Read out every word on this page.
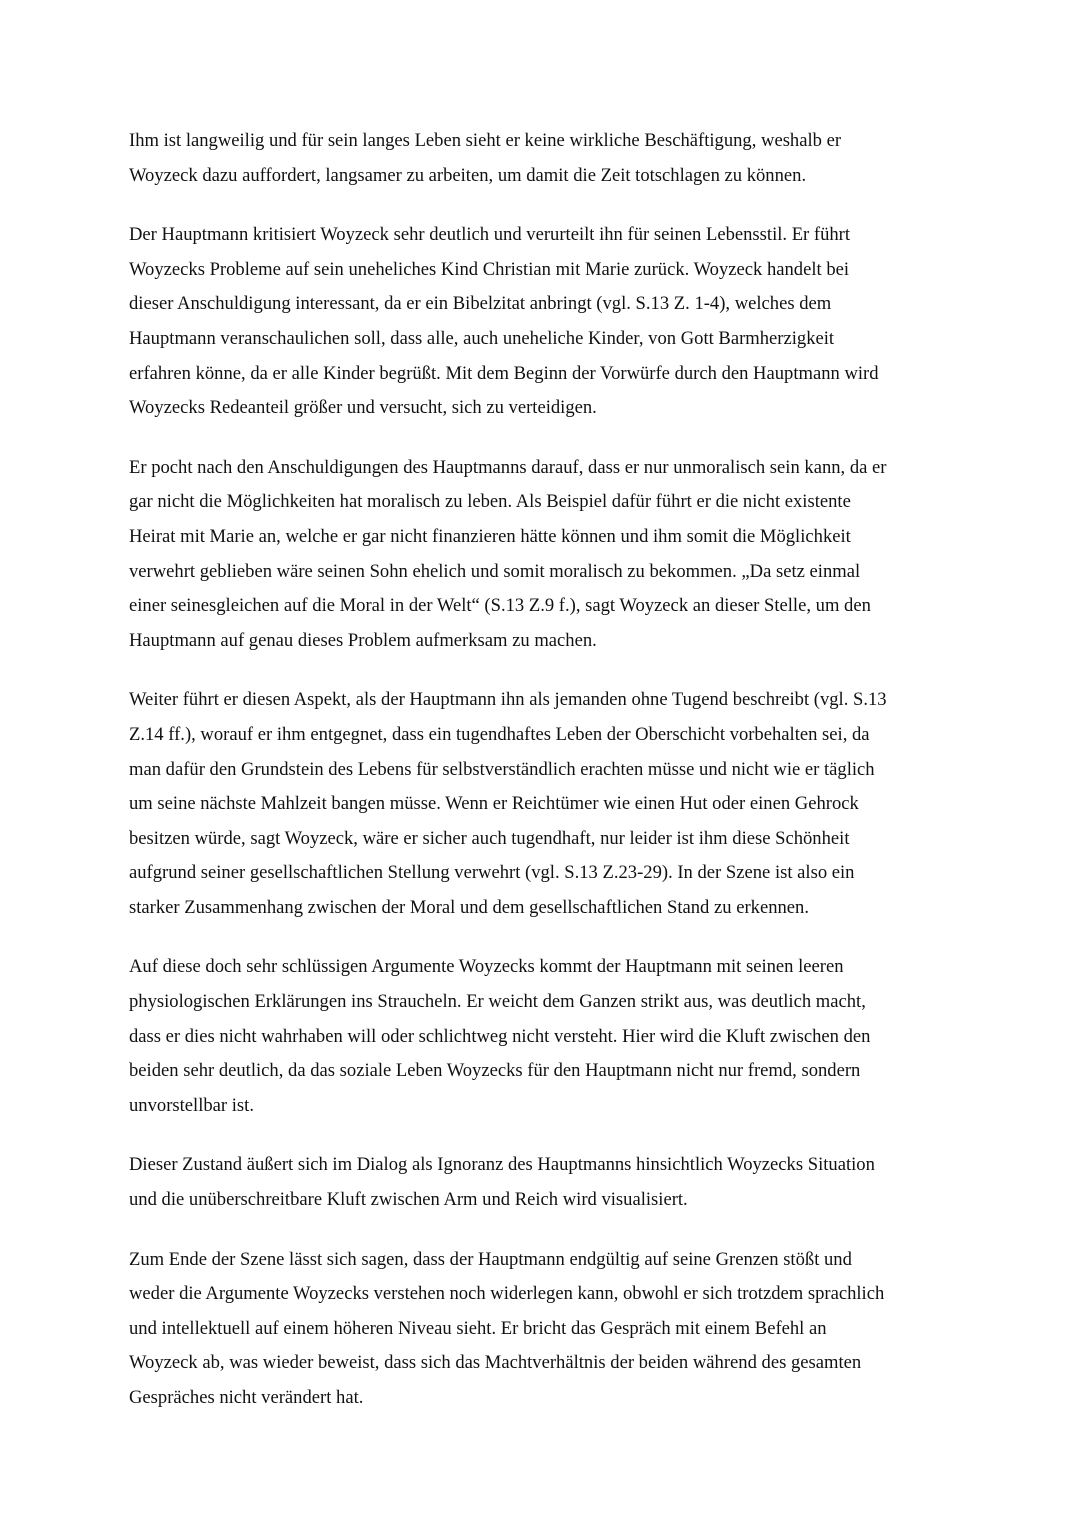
Ihm ist langweilig und für sein langes Leben sieht er keine wirkliche Beschäftigung, weshalb er
Woyzeck dazu auffordert, langsamer zu arbeiten, um damit die Zeit totschlagen zu können.

Der Hauptmann kritisiert Woyzeck sehr deutlich und verurteilt ihn für seinen Lebensstil. Er führt
Woyzecks Probleme auf sein uneheliches Kind Christian mit Marie zurück. Woyzeck handelt bei
dieser Anschuldigung interessant, da er ein Bibelzitat anbringt (vgl. S.13 Z. 1-4), welches dem
Hauptmann veranschaulichen soll, dass alle, auch uneheliche Kinder, von Gott Barmherzigkeit
erfahren könne, da er alle Kinder begrüßt. Mit dem Beginn der Vorwürfe durch den Hauptmann wird
Woyzecks Redeanteil größer und versucht, sich zu verteidigen.

Er pocht nach den Anschuldigungen des Hauptmanns darauf, dass er nur unmoralisch sein kann, da er
gar nicht die Möglichkeiten hat moralisch zu leben. Als Beispiel dafür führt er die nicht existente
Heirat mit Marie an, welche er gar nicht finanzieren hätte können und ihm somit die Möglichkeit
verwehrt geblieben wäre seinen Sohn ehelich und somit moralisch zu bekommen. „Da setz einmal
einer seinesgleichen auf die Moral in der Welt“ (S.13 Z.9 f.), sagt Woyzeck an dieser Stelle, um den
Hauptmann auf genau dieses Problem aufmerksam zu machen.

Weiter führt er diesen Aspekt, als der Hauptmann ihn als jemanden ohne Tugend beschreibt (vgl. S.13
Z.14 ff.), worauf er ihm entgegnet, dass ein tugendhaftes Leben der Oberschicht vorbehalten sei, da
man dafür den Grundstein des Lebens für selbstverständlich erachten müsse und nicht wie er täglich
um seine nächste Mahlzeit bangen müsse. Wenn er Reichtümer wie einen Hut oder einen Gehrock
besitzen würde, sagt Woyzeck, wäre er sicher auch tugendhaft, nur leider ist ihm diese Schönheit
aufgrund seiner gesellschaftlichen Stellung verwehrt (vgl. S.13 Z.23-29). In der Szene ist also ein
starker Zusammenhang zwischen der Moral und dem gesellschaftlichen Stand zu erkennen.

Auf diese doch sehr schlüssigen Argumente Woyzecks kommt der Hauptmann mit seinen leeren
physiologischen Erklärungen ins Straucheln. Er weicht dem Ganzen strikt aus, was deutlich macht,
dass er dies nicht wahrhaben will oder schlichtweg nicht versteht. Hier wird die Kluft zwischen den
beiden sehr deutlich, da das soziale Leben Woyzecks für den Hauptmann nicht nur fremd, sondern
unvorstellbar ist.

Dieser Zustand äußert sich im Dialog als Ignoranz des Hauptmanns hinsichtlich Woyzecks Situation
und die unüberschreitbare Kluft zwischen Arm und Reich wird visualisiert.

Zum Ende der Szene lässt sich sagen, dass der Hauptmann endgültig auf seine Grenzen stößt und
weder die Argumente Woyzecks verstehen noch widerlegen kann, obwohl er sich trotzdem sprachlich
und intellektuell auf einem höheren Niveau sieht. Er bricht das Gespräch mit einem Befehl an
Woyzeck ab, was wieder beweist, dass sich das Machtverhältnis der beiden während des gesamten
Gespräches nicht verändert hat.
